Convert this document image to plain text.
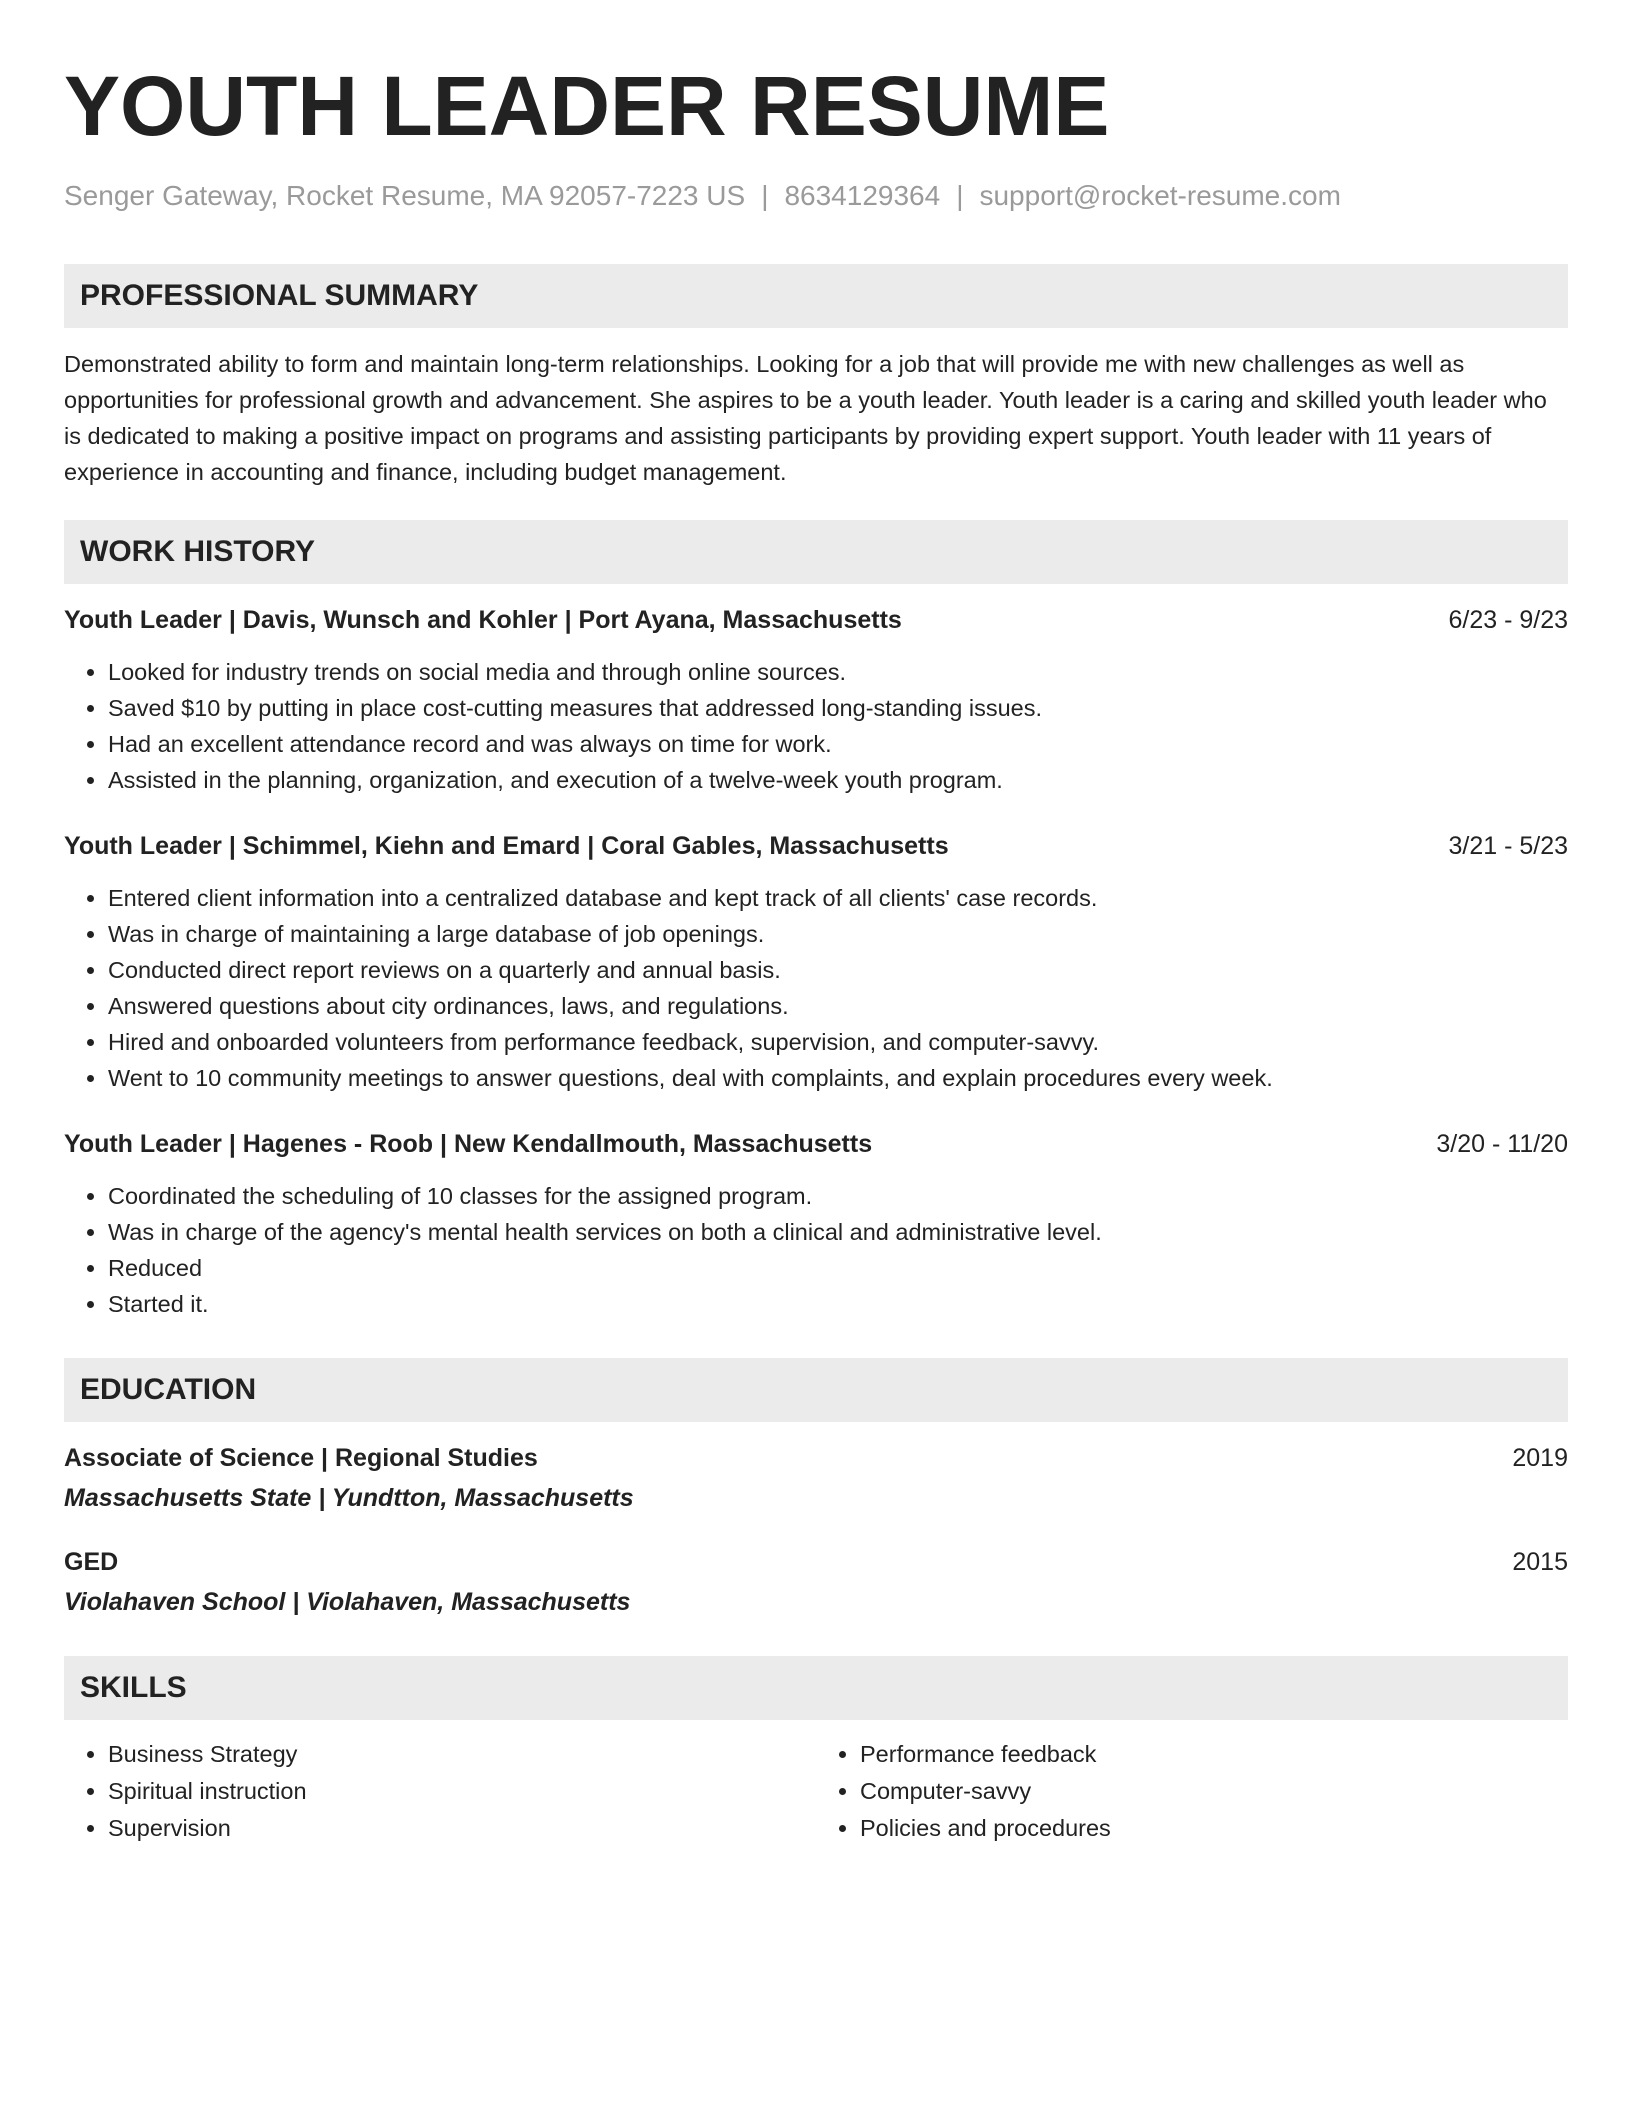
YOUTH LEADER RESUME
Senger Gateway, Rocket Resume, MA 92057-7223 US | 8634129364 | support@rocket-resume.com
PROFESSIONAL SUMMARY
Demonstrated ability to form and maintain long-term relationships. Looking for a job that will provide me with new challenges as well as opportunities for professional growth and advancement. She aspires to be a youth leader. Youth leader is a caring and skilled youth leader who is dedicated to making a positive impact on programs and assisting participants by providing expert support. Youth leader with 11 years of experience in accounting and finance, including budget management.
WORK HISTORY
Youth Leader | Davis, Wunsch and Kohler | Port Ayana, Massachusetts	6/23 - 9/23
• Looked for industry trends on social media and through online sources.
• Saved $10 by putting in place cost-cutting measures that addressed long-standing issues.
• Had an excellent attendance record and was always on time for work.
• Assisted in the planning, organization, and execution of a twelve-week youth program.
Youth Leader | Schimmel, Kiehn and Emard | Coral Gables, Massachusetts	3/21 - 5/23
• Entered client information into a centralized database and kept track of all clients' case records.
• Was in charge of maintaining a large database of job openings.
• Conducted direct report reviews on a quarterly and annual basis.
• Answered questions about city ordinances, laws, and regulations.
• Hired and onboarded volunteers from performance feedback, supervision, and computer-savvy.
• Went to 10 community meetings to answer questions, deal with complaints, and explain procedures every week.
Youth Leader | Hagenes - Roob | New Kendallmouth, Massachusetts	3/20 - 11/20
• Coordinated the scheduling of 10 classes for the assigned program.
• Was in charge of the agency's mental health services on both a clinical and administrative level.
• Reduced
• Started it.
EDUCATION
Associate of Science | Regional Studies	2019
Massachusetts State | Yundtton, Massachusetts
GED	2015
Violahaven School | Violahaven, Massachusetts
SKILLS
• Business Strategy
• Spiritual instruction
• Supervision
• Performance feedback
• Computer-savvy
• Policies and procedures
